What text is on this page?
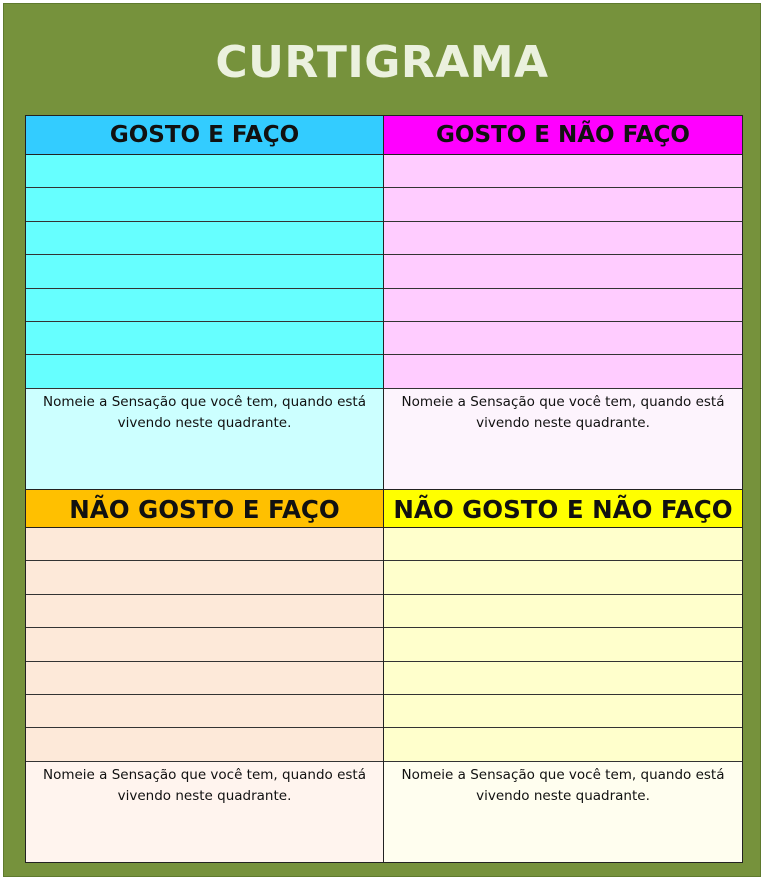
CURTIGRAMA
GOSTO E FAÇO
Nomeie a Sensação que você tem, quando está vivendo neste quadrante.
GOSTO E NÃO FAÇO
Nomeie a Sensação que você tem, quando está vivendo neste quadrante.
NÃO GOSTO E FAÇO
Nomeie a Sensação que você tem, quando está vivendo neste quadrante.
NÃO GOSTO E NÃO FAÇO
Nomeie a Sensação que você tem, quando está vivendo neste quadrante.
